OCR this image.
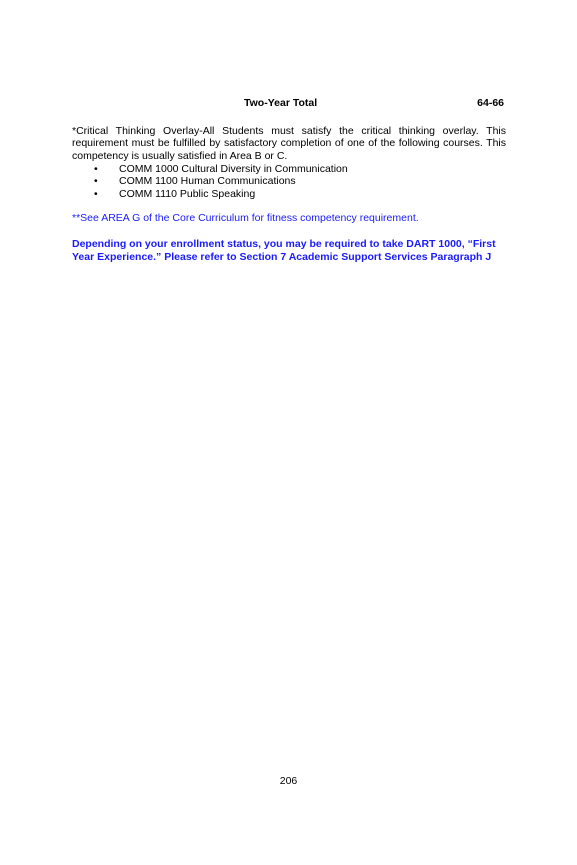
Two-Year Total	64-66
*Critical Thinking Overlay-All Students must satisfy the critical thinking overlay. This requirement must be fulfilled by satisfactory completion of one of the following courses. This competency is usually satisfied in Area B or C.
• COMM 1000 Cultural Diversity in Communication
• COMM 1100 Human Communications
• COMM 1110 Public Speaking
**See AREA G of the Core Curriculum for fitness competency requirement.
Depending on your enrollment status, you may be required to take DART 1000, “First Year Experience.” Please refer to Section 7 Academic Support Services Paragraph J
206
